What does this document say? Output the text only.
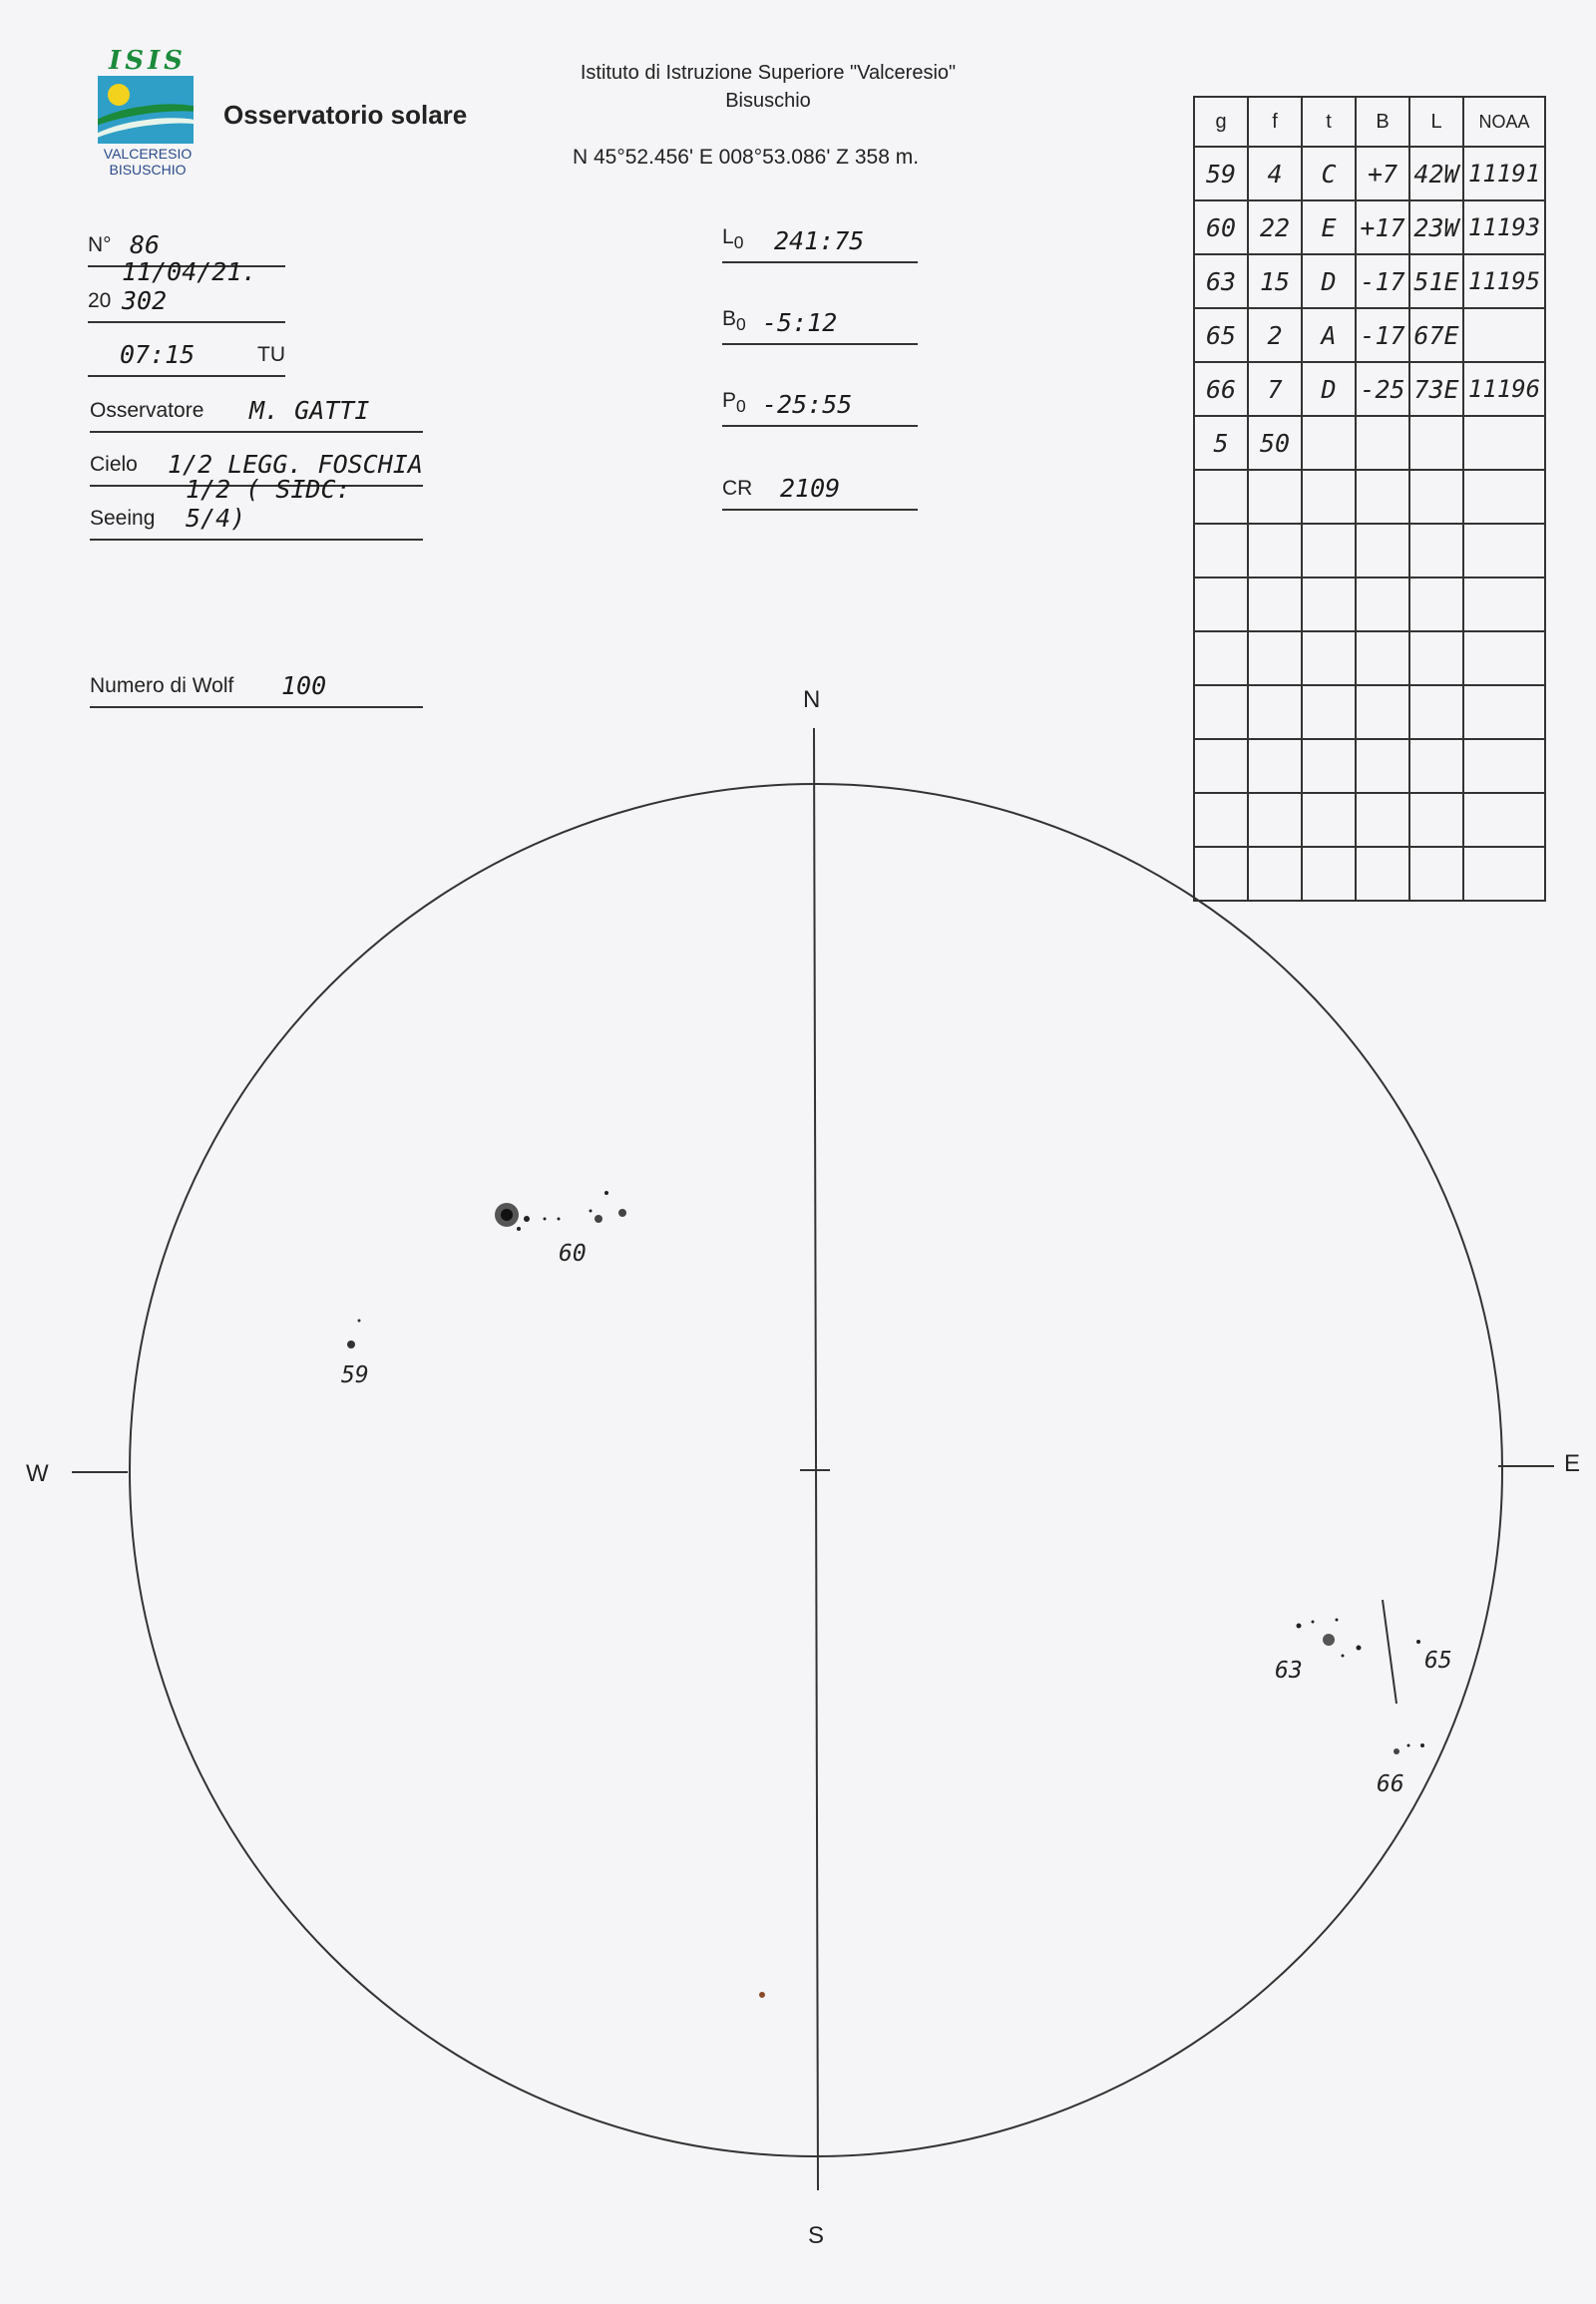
ISIS
VALCERESIO
BISUSCHIO
Osservatorio solare
Istituto di Istruzione Superiore "Valceresio"
Bisuschio
N 45°52.456' E 008°53.086' Z 358 m.
N° 86
20
11/04/21. 302
07:15	TU
Osservatore M. GATTI
Cielo 1/2 LEGG. FOSCHIA
Seeing
1/2 ( SIDC: 5/4)
Numero di Wolf 100
$L_0$ 241:75
$B_0$ -5:12
$P_0$ -25:55
CR 2109
g	f	t	B	L	NOAA
59	4	C	+7	42W	11191
60	22	E	+17	23W	11193
63	15	D	-17	51E	11195
65	2	A	-17	67E	
66	7	D	-25	73E	11196
5	50				

N
S
W	E
60
59
63	65
66
